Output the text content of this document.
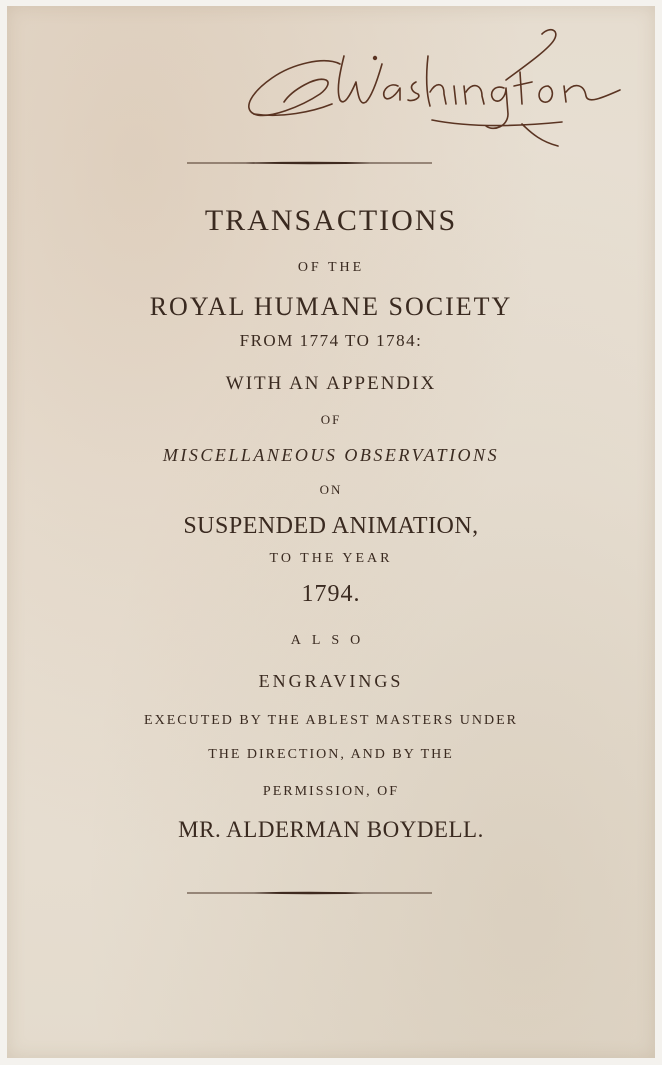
TRANSACTIONS
OF THE
ROYAL HUMANE SOCIETY
FROM 1774 TO 1784:
WITH AN APPENDIX
OF
MISCELLANEOUS OBSERVATIONS
ON
SUSPENDED ANIMATION,
TO THE YEAR
1794.
ALSO
ENGRAVINGS
EXECUTED BY THE ABLEST MASTERS UNDER
THE DIRECTION, AND BY THE
PERMISSION, OF
MR. ALDERMAN BOYDELL.
